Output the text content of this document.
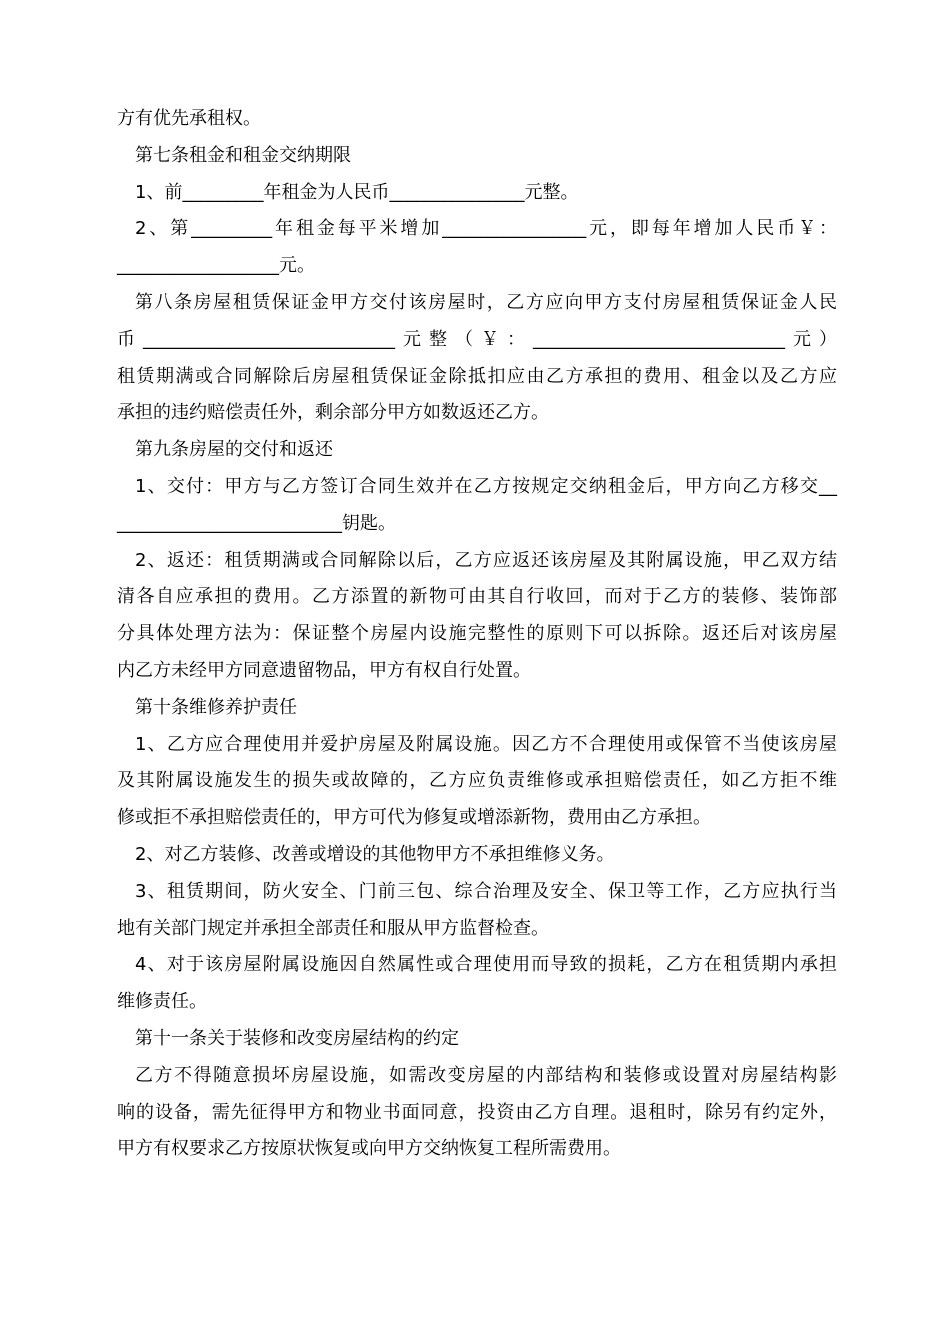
方有优先承租权。
第七条租金和租金交纳期限
1、前_________年租金为人民币_______________元整。
2、第_________年租金每平米增加________________元，即每年增加人民币￥：
__________________元。
第八条房屋租赁保证金甲方交付该房屋时，乙方应向甲方支付房屋租赁保证金人民
币____________________________元整（￥：____________________________元）
租赁期满或合同解除后房屋租赁保证金除抵扣应由乙方承担的费用、租金以及乙方应
承担的违约赔偿责任外，剩余部分甲方如数返还乙方。
第九条房屋的交付和返还
1、交付：甲方与乙方签订合同生效并在乙方按规定交纳租金后，甲方向乙方移交__
_________________________钥匙。
2、返还：租赁期满或合同解除以后，乙方应返还该房屋及其附属设施，甲乙双方结
清各自应承担的费用。乙方添置的新物可由其自行收回，而对于乙方的装修、装饰部
分具体处理方法为：保证整个房屋内设施完整性的原则下可以拆除。返还后对该房屋
内乙方未经甲方同意遗留物品，甲方有权自行处置。
第十条维修养护责任
1、乙方应合理使用并爱护房屋及附属设施。因乙方不合理使用或保管不当使该房屋
及其附属设施发生的损失或故障的，乙方应负责维修或承担赔偿责任，如乙方拒不维
修或拒不承担赔偿责任的，甲方可代为修复或增添新物，费用由乙方承担。
2、对乙方装修、改善或增设的其他物甲方不承担维修义务。
3、租赁期间，防火安全、门前三包、综合治理及安全、保卫等工作，乙方应执行当
地有关部门规定并承担全部责任和服从甲方监督检查。
4、对于该房屋附属设施因自然属性或合理使用而导致的损耗，乙方在租赁期内承担
维修责任。
第十一条关于装修和改变房屋结构的约定
乙方不得随意损坏房屋设施，如需改变房屋的内部结构和装修或设置对房屋结构影
响的设备，需先征得甲方和物业书面同意，投资由乙方自理。退租时，除另有约定外，
甲方有权要求乙方按原状恢复或向甲方交纳恢复工程所需费用。
